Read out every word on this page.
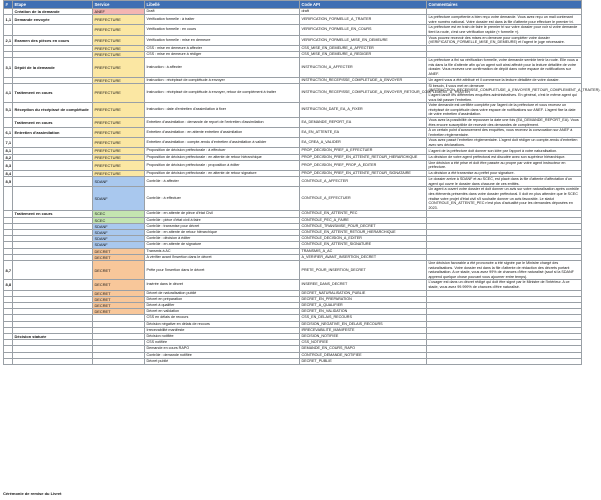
#	Etape	Service	Libellé	Code API	Commentaires
	Création de la demande	ANEF	Draft	draft	
1,1	Demande envoyée	PREFECTURE	Vérification formelle : à traiter	VERIFICATION_FORMELLE_A_TRAITER	La préfecture compétente a bien reçu votre demande. Vous avez reçu un mail contenant votre numéro national. Votre dossier est dans la file d'attente pour effectuer le premier tri.
		PREFECTURE	Vérification formelle : en cours	VERIFICATION_FORMELLE_EN_COURS	La préfecture est en train de faire le premier tri sur votre dossier pour voir si votre demande tient la route, c'est une vérification rapide (« formelle »).
2,1	Examen des pièces en cours	PREFECTURE	Vérification formelle : mise en demeure	VERIFICATION_FORMELLE_MISE_EN_DEMEURE	Vous pouvez recevoir des mises en demeure pour compléter votre dossier (VERIFICATION_FORMELLE_MISE_EN_DEMEURE) et l'agent le juge nécessaire.
		PREFECTURE	CSS : mise en demeure à affecter	CSS_MISE_EN_DEMEURE_A_AFFECTER	
		PREFECTURE	CSS : mise en demeure à rédiger	CSS_MISE_EN_DEMEURE_A_REDIGER	
3,1	Dépôt de la demande	PREFECTURE	Instruction : à affecter	INSTRUCTION_A_AFFECTER	La préfecture a fini sa vérification formelle, votre demande semble tenir la route. Elle vous a mis dans la file d'attente afin qu'un agent soit ainsi affecté pour la lecture détaillée de votre dossier. Vous recevez une confirmation de dépôt dans votre espace de notifications sur ANEF.
		PREFECTURE	Instruction : récépissé de complétude à envoyer	INSTRUCTION_RECEPISSE_COMPLETUDE_A_ENVOYER	Un agent vous a été attribué et il commence la lecture détaillée de votre dossier.
4,1	Traitement en cours	PREFECTURE	Instruction : récépissé de complétude à envoyer, retour de complément à traiter	INSTRUCTION_RECEPISSE_COMPLETUDE_A_ENVOYER_RETOUR_COMPLEMENT_A_TRAITER	Si besoin, il vous met en demeure (INSTRUCTION_RECEPISSE_COMPLETUDE_A_ENVOYER_RETOUR_COMPLEMENT_A_TRAITER). L'agent lance les différentes enquêtes administratives. En général, c'est le même agent qui vous fait passer l'entretien.
5,1	Réception du récépissé de complétude	PREFECTURE	Instruction : date d'entretien d'assimilation à fixer	INSTRUCTION_DATE_EA_A_FIXER	Votre demande est certifiée complète par l'agent de la préfecture et vous recevez un récépissé de complétude dans votre espace de notifications sur ANEF. L'agent fixe la date de votre entretien d'assimilation.
	Traitement en cours	PREFECTURE	Entretien d'assimilation : demande de report de l'entretien d'assimilation	EA_DEMANDE_REPORT_EA	Vous avez la possibilité de repousser la date une fois (EA_DEMANDE_REPORT_EA). Vous êtes encore susceptible de recevoir des demandes de complément.
6,1	Entretien d'assimilation	PREFECTURE	Entretien d'assimilation : en attente entretien d'assimilation	EA_EN_ATTENTE_EA	A un certain point d'avancement des enquêtes, vous recevez la convocation sur ANEF à l'entretien réglementaire.
7,1		PREFECTURE	Entretien d'assimilation : compte-rendu d'entretien d'assimilation à valider	EA_CREA_A_VALIDER	Vous avez passé l'entretien réglementaire. L'agent doit rédiger un compte-rendu d'entretien avec ses déclarations.
8,1		PREFECTURE	Proposition de décision préfectorale : à effectuer	PROP_DECISION_PREF_A_EFFECTUER	L'agent de la préfecture doit donner son idée par l'apport à votre naturalisation.
8,2		PREFECTURE	Proposition de décision préfectorale : en attente de retour hiérarchique	PROP_DECISION_PREF_EN_ATTENTE_RETOUR_HIERARCHIQUE	La décision de votre agent préfectoral est discutée avec son supérieur hiérarchique.
8,3		PREFECTURE	Proposition de décision préfectorale : proposition à éditer	PROP_DECISION_PREF_PROP_A_EDITER	Une décision a été prise et doit être passée au propre par votre agent instructeur en préfecture.
8,4		PREFECTURE	Proposition de décision préfectorale : en attente de retour signature	PROP_DECISION_PREF_EN_ATTENTE_RETOUR_SIGNATAIRE	La décision a été transmise au préfet pour signature.
8,5		SDANF	Contrôle : à affecter	CONTROLE_A_AFFECTER	Le dossier arrive à SDANF et au SCEC, est placé dans la file d'attente d'affectation d'un agent qui ouvre le dossier dans chacune de ces entités.
		SDANF	Contrôle : à effectuer	CONTROLE_A_EFFECTUER	Un agent a ouvert votre dossier et doit donner un avis sur votre naturalisation après contrôle des éléments présentés dans votre dossier préfectoral. Il doit en plus attendre que le SCEC réalise votre projet d'état civil s'il souhaite donner un avis favorable. Le statut CONTROLE_EN_ATTENTE_PEC n'est plus d'actualité pour les demandes déposées en 2023.
	Traitement en cours	SCEC	Contrôle : en attente de pièce d'état Civil	CONTROLE_EN_ATTENTE_PEC	
		SCEC	Contrôle : pièce d'état civil à faire	CONTROLE_PEC_A_FAIRE	
		SDANF	Contrôle : transmise pour décret	CONTROLE_TRANSMISE_POUR_DECRET	
		SDANF	Contrôle : en attente de retour hiérarchique	CONTROLE_EN_ATTENTE_RETOUR_HIERARCHIQUE	
		SDANF	Contrôle : décision à éditer	CONTROLE_DECISION_A_EDITER	
		SDANF	Contrôle : en attente de signature	CONTROLE_EN_ATTENTE_SIGNATURE	
		DECRET	Transmis à AC	TRANSMIS_A_AC	
		DECRET	A vérifier avant l'insertion dans le décret	A_VERIFIER_AVANT_INSERTION_DECRET	
8,7		DECRET	Prête pour l'insertion dans le décret	PRETE_POUR_INSERTION_DECRET	Une décision favorable a été prononcée a été signée par le Ministre chargé des naturalisations. Votre dossier est dans la file d'attente de rédaction des décrets portant naturalisation. A ce stade, vous avez 99% de chances d'être naturalisé (sauf si la SDANF apprend quelque chose pouvant vous ajourner entre temps).
8,8		DECRET	Insérée dans le décret	INSEREE_DANS_DECRET	L'usager est dans un décret rédigé qui doit être signé par le Ministre de l'Intérieur. A ce stade, vous avez 99.999% de chances d'être naturalisé.
		DECRET	Décret de naturalisation publié	DECRET_NATURALISATION_PUBLIE	
		DECRET	Décret en préparation	DECRET_EN_PREPARATION	
		DECRET	Décret à qualifier	DECRET_A_QUALIFIER	
		DECRET	Décret en validation	DECRET_EN_VALIDATION	
			CSS en délais de recours	CSS_EN_DELAIS_RECOURS	
			Décision négative en délais de recours	DECISION_NEGATIVE_EN_DELAIS_RECOURS	
			Irrecevabilité manifeste	IRRECEVABILITE_MANIFESTE	
	Décision statuée		Décision notifiée	DECISION_NOTIFIEE	
			CSS notifiée	CSS_NOTIFIEE	
			Demande en cours RAPO	DEMANDE_EN_COURS_RAPO	
			Contrôle : demande notifiée	CONTROLE_DEMANDE_NOTIFIEE	
			Décret publié	DECRET_PUBLIE	
Cérémonie de remise du Livret
